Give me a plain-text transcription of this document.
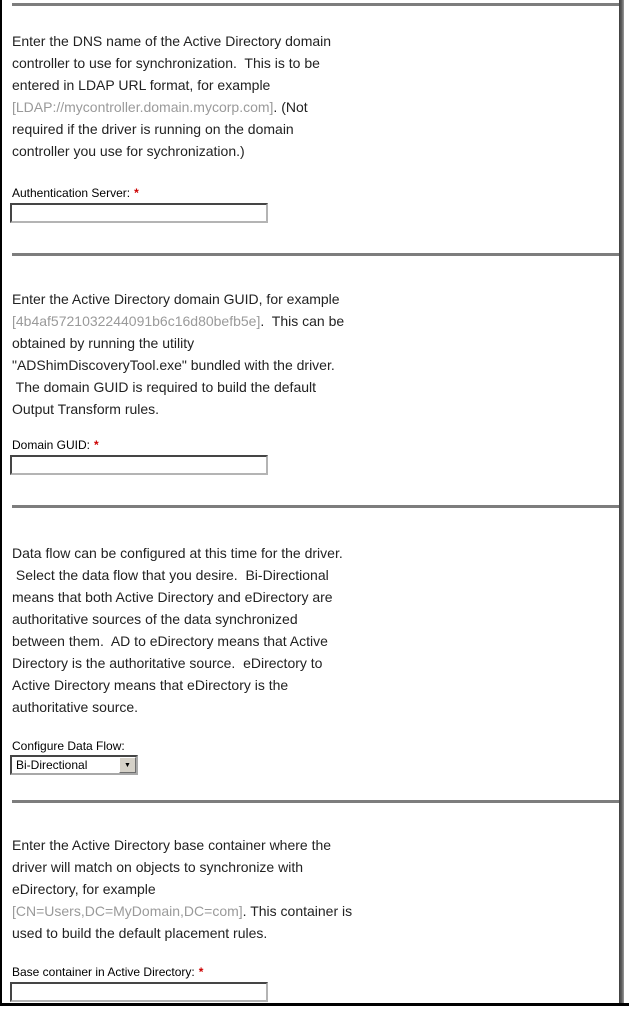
Enter the DNS name of the Active Directory domain
controller to use for synchronization.  This is to be
entered in LDAP URL format, for example
[LDAP://mycontroller.domain.mycorp.com]. (Not
required if the driver is running on the domain
controller you use for sychronization.)
Authentication Server: *
Enter the Active Directory domain GUID, for example
[4b4af5721032244091b6c16d80befb5e].  This can be
obtained by running the utility
"ADShimDiscoveryTool.exe" bundled with the driver.
The domain GUID is required to build the default
Output Transform rules.
Domain GUID: *
Data flow can be configured at this time for the driver.
Select the data flow that you desire.  Bi-Directional
means that both Active Directory and eDirectory are
authoritative sources of the data synchronized
between them.  AD to eDirectory means that Active
Directory is the authoritative source.  eDirectory to
Active Directory means that eDirectory is the
authoritative source.
Configure Data Flow:
Bi-Directional	▼
Enter the Active Directory base container where the
driver will match on objects to synchronize with
eDirectory, for example
[CN=Users,DC=MyDomain,DC=com]. This container is
used to build the default placement rules.
Base container in Active Directory: *
